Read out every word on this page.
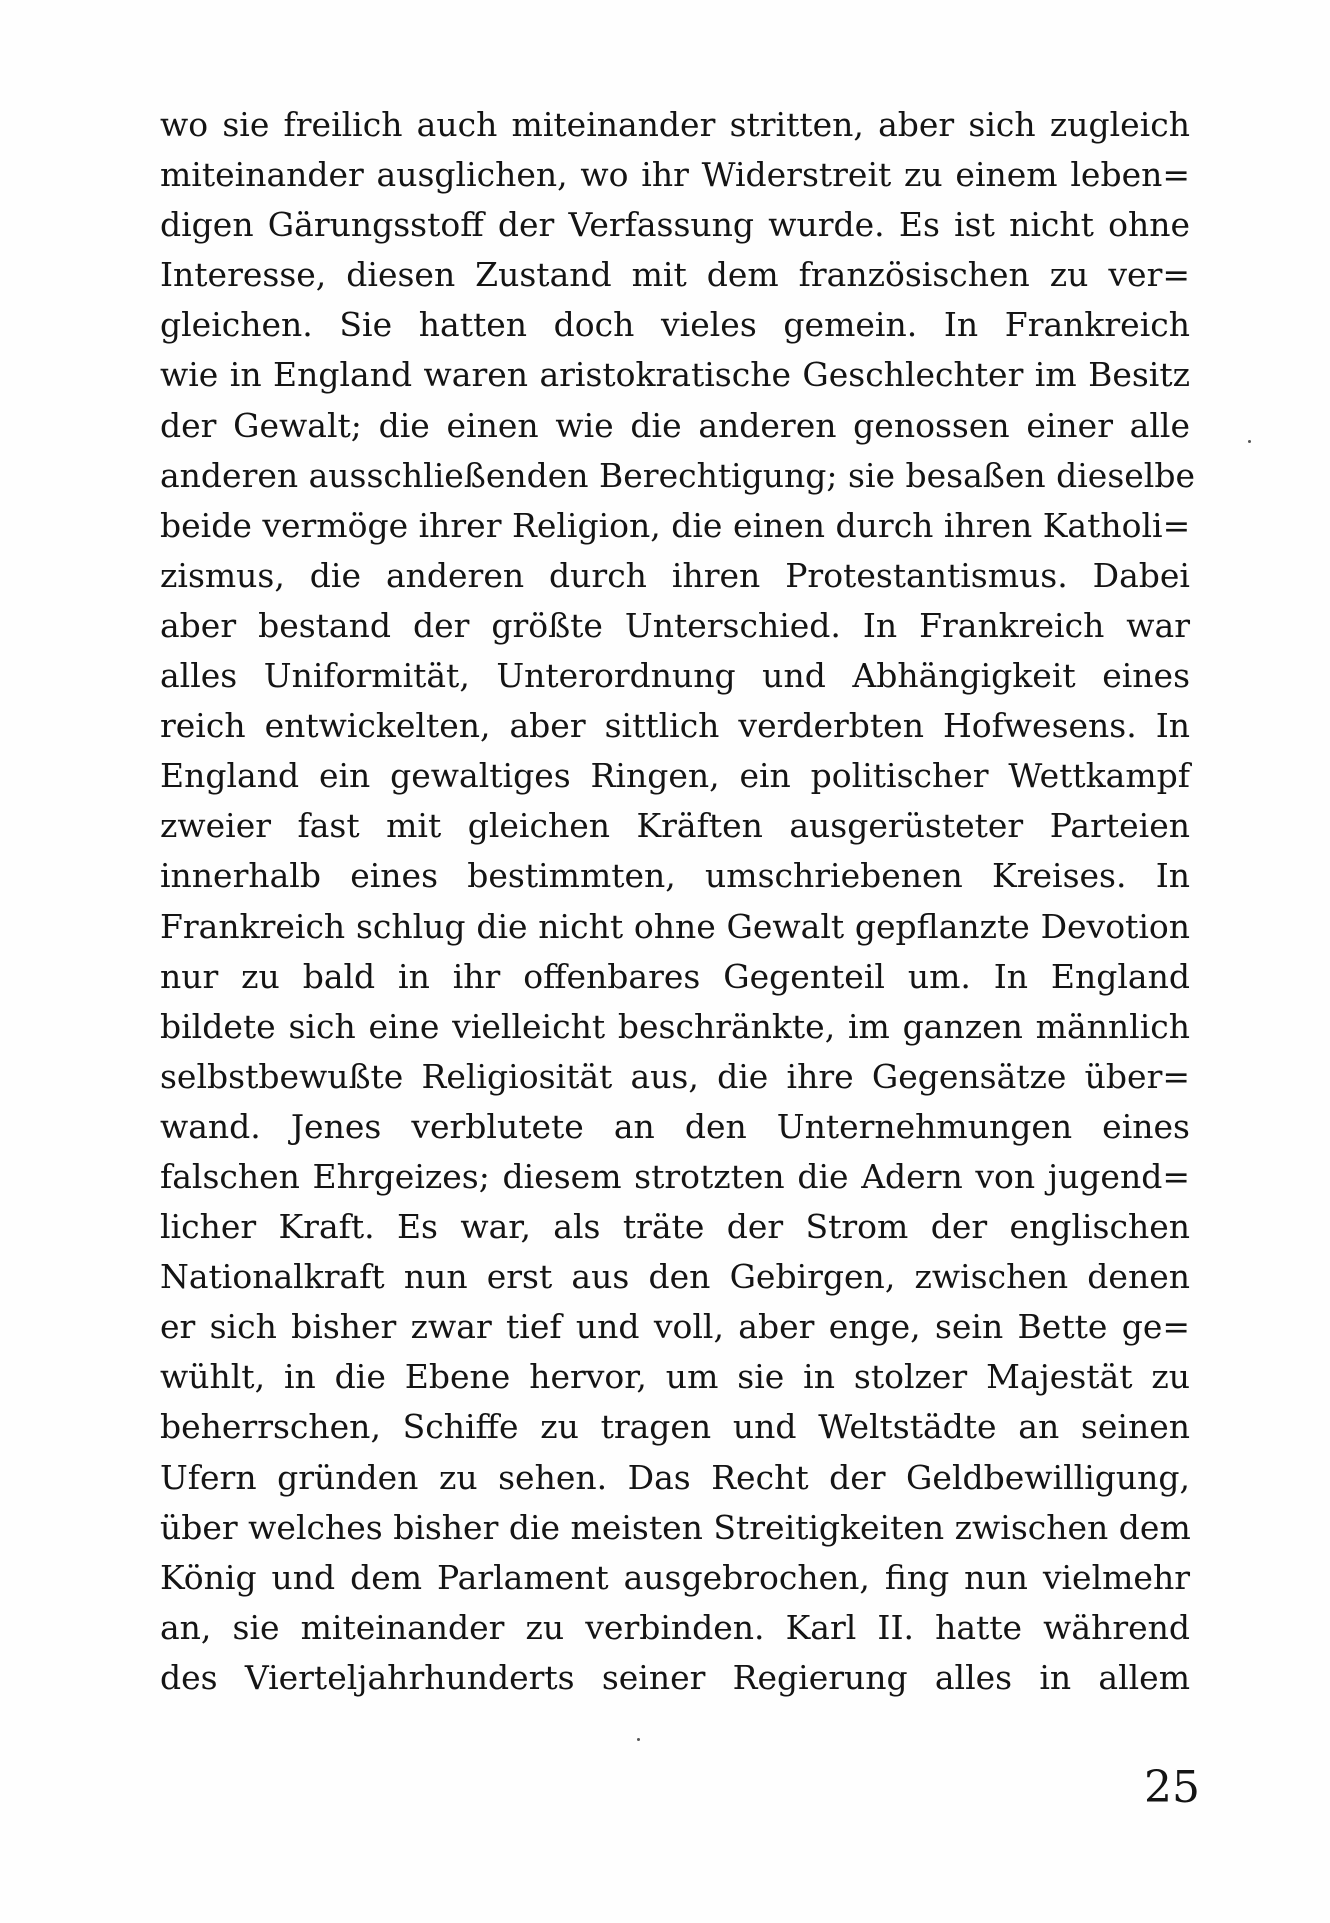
wo sie freilich auch miteinander stritten, aber sich zugleich
miteinander ausglichen, wo ihr Widerstreit zu einem leben=
digen Gärungsstoff der Verfassung wurde. Es ist nicht ohne
Interesse, diesen Zustand mit dem französischen zu ver=
gleichen. Sie hatten doch vieles gemein. In Frankreich
wie in England waren aristokratische Geschlechter im Besitz
der Gewalt; die einen wie die anderen genossen einer alle
anderen ausschließenden Berechtigung; sie besaßen dieselbe
beide vermöge ihrer Religion, die einen durch ihren Katholi=
zismus, die anderen durch ihren Protestantismus. Dabei
aber bestand der größte Unterschied. In Frankreich war
alles Uniformität, Unterordnung und Abhängigkeit eines
reich entwickelten, aber sittlich verderbten Hofwesens. In
England ein gewaltiges Ringen, ein politischer Wettkampf
zweier fast mit gleichen Kräften ausgerüsteter Parteien
innerhalb eines bestimmten, umschriebenen Kreises. In
Frankreich schlug die nicht ohne Gewalt gepflanzte Devotion
nur zu bald in ihr offenbares Gegenteil um. In England
bildete sich eine vielleicht beschränkte, im ganzen männlich
selbstbewußte Religiosität aus, die ihre Gegensätze über=
wand. Jenes verblutete an den Unternehmungen eines
falschen Ehrgeizes; diesem strotzten die Adern von jugend=
licher Kraft. Es war, als träte der Strom der englischen
Nationalkraft nun erst aus den Gebirgen, zwischen denen
er sich bisher zwar tief und voll, aber enge, sein Bette ge=
wühlt, in die Ebene hervor, um sie in stolzer Majestät zu
beherrschen, Schiffe zu tragen und Weltstädte an seinen
Ufern gründen zu sehen. Das Recht der Geldbewilligung,
über welches bisher die meisten Streitigkeiten zwischen dem
König und dem Parlament ausgebrochen, fing nun vielmehr
an, sie miteinander zu verbinden. Karl II. hatte während
des Vierteljahrhunderts seiner Regierung alles in allem
25
